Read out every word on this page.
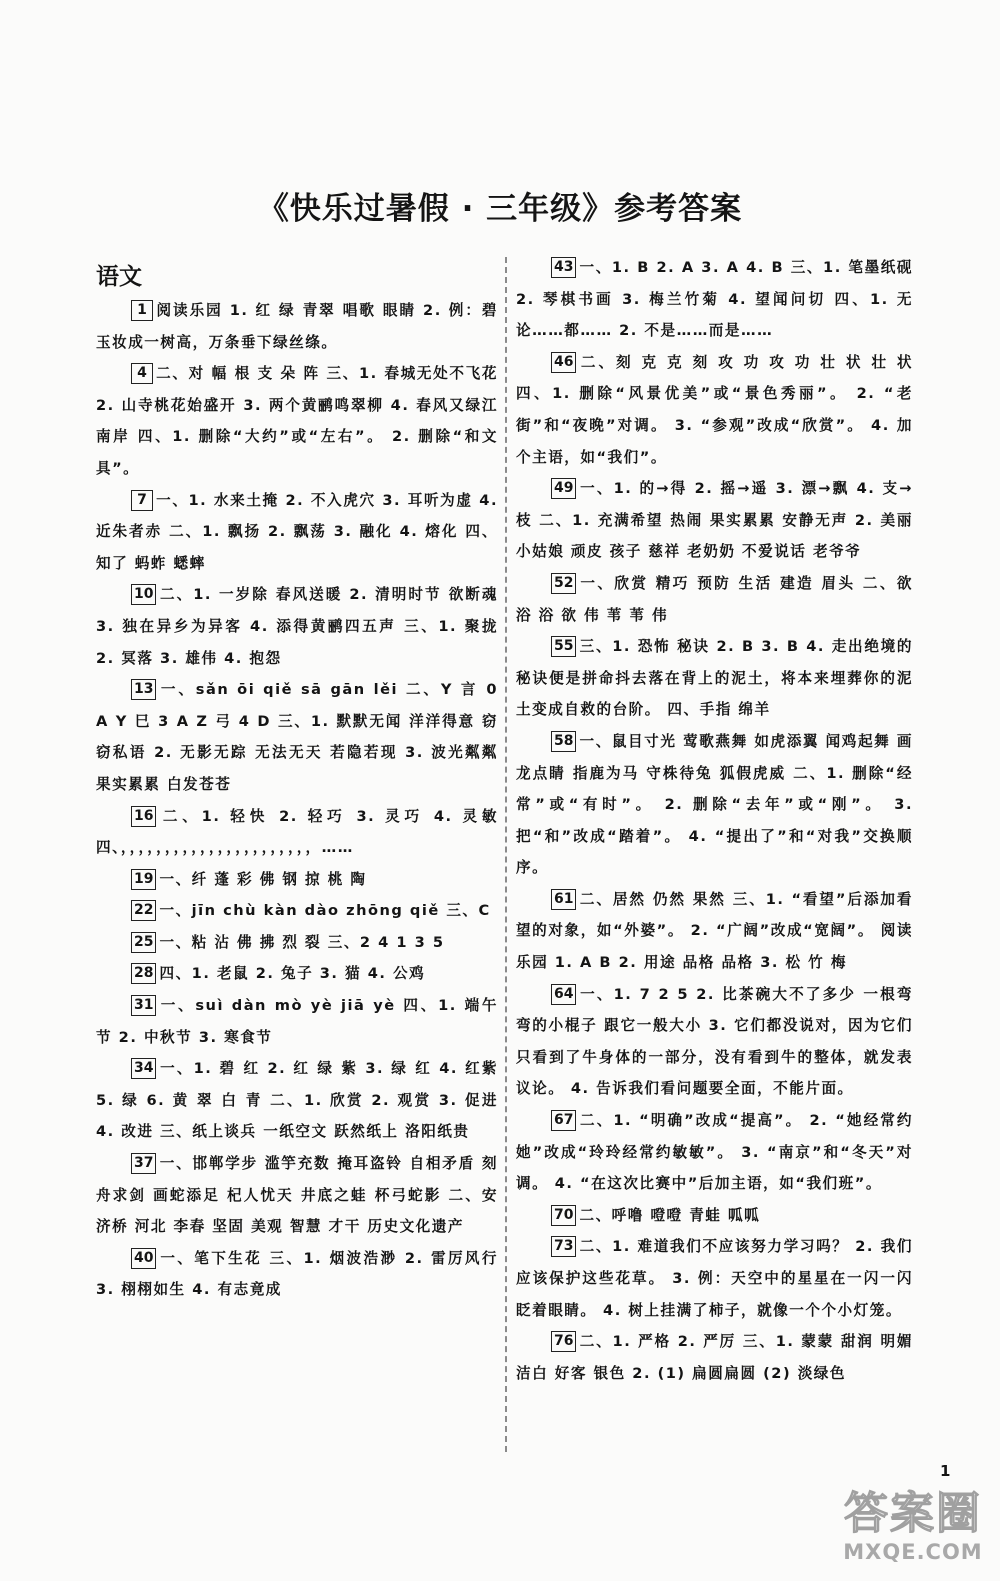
《快乐过暑假 · 三年级》参考答案
语文

1 阅读乐园 1. 红 绿 青翠 唱歌 眼睛 2. 例：碧玉妆成一树高，万条垂下绿丝绦。

4 二、对 幅 根 支 朵 阵 三、1. 春城无处不飞花 2. 山寺桃花始盛开 3. 两个黄鹂鸣翠柳 4. 春风又绿江南岸 四、1. 删除“大约”或“左右”。 2. 删除“和文具”。

7 一、1. 水来土掩 2. 不入虎穴 3. 耳听为虚 4. 近朱者赤 二、1. 飘扬 2. 飘荡 3. 融化 4. 熔化 四、知了 蚂蚱 蟋蟀

10 二、1. 一岁除 春风送暖 2. 清明时节 欲断魂 3. 独在异乡为异客 4. 添得黄鹂四五声 三、1. 聚拢 2. 冥落 3. 雄伟 4. 抱怨

13 一、sǎn ōi qiě sā gān lěi 二、Y 言 0 A Y 巳 3 A Z 弓 4 D 三、1. 默默无闻 洋洋得意 窃窃私语 2. 无影无踪 无法无天 若隐若现 3. 波光粼粼 果实累累 白发苍苍

16 二、1. 轻快 2. 轻巧 3. 灵巧 4. 灵敏 四、，，，，，，，，，，，，，，，，，，，，，，……

19 一、纤 蓬 彩 佛 钢 掠 桃 陶

22 一、jīn chù kàn dào zhōng qiě 三、C

25 一、粘 沾 佛 拂 烈 裂 三、2 4 1 3 5

28 四、1. 老鼠 2. 兔子 3. 猫 4. 公鸡

31 一、suì dàn mò yè jiā yè 四、1. 端午节 2. 中秋节 3. 寒食节

34 一、1. 碧 红 2. 红 绿 紫 3. 绿 红 4. 红紫 5. 绿 6. 黄 翠 白 青 二、1. 欣赏 2. 观赏 3. 促进 4. 改进 三、纸上谈兵 一纸空文 跃然纸上 洛阳纸贵

37 一、邯郸学步 滥竽充数 掩耳盗铃 自相矛盾 刻舟求剑 画蛇添足 杞人忧天 井底之蛙 杯弓蛇影 二、安济桥 河北 李春 坚固 美观 智慧 才干 历史文化遗产

40 一、笔下生花 三、1. 烟波浩渺 2. 雷厉风行 3. 栩栩如生 4. 有志竟成

43 一、1. B 2. A 3. A 4. B 三、1. 笔墨纸砚 2. 琴棋书画 3. 梅兰竹菊 4. 望闻问切 四、1. 无论……都…… 2. 不是……而是……

46 二、刻 克 克 刻 攻 功 攻 功 壮 状 壮 状 四、1. 删除“风景优美”或“景色秀丽”。 2. “老街”和“夜晚”对调。 3. “参观”改成“欣赏”。 4. 加个主语，如“我们”。

49 一、1. 的→得 2. 摇→遥 3. 漂→飘 4. 支→枝 二、1. 充满希望 热闹 果实累累 安静无声 2. 美丽 小姑娘 顽皮 孩子 慈祥 老奶奶 不爱说话 老爷爷

52 一、欣赏 精巧 预防 生活 建造 眉头 二、欲 浴 浴 欲 伟 苇 苇 伟

55 三、1. 恐怖 秘诀 2. B 3. B 4. 走出绝境的秘诀便是拼命抖去落在背上的泥土，将本来埋葬你的泥土变成自救的台阶。 四、手指 绵羊

58 一、鼠目寸光 莺歌燕舞 如虎添翼 闻鸡起舞 画龙点睛 指鹿为马 守株待兔 狐假虎威 二、1. 删除“经常”或“有时”。 2. 删除“去年”或“刚”。 3. 把“和”改成“踏着”。 4. “提出了”和“对我”交换顺序。

61 二、居然 仍然 果然 三、1. “看望”后添加看望的对象，如“外婆”。 2. “广阔”改成“宽阔”。 阅读乐园 1. A B 2. 用途 品格 品格 3. 松 竹 梅

64 一、1. 7 2 5 2. 比茶碗大不了多少 一根弯弯的小棍子 跟它一般大小 3. 它们都没说对，因为它们只看到了牛身体的一部分，没有看到牛的整体，就发表议论。 4. 告诉我们看问题要全面，不能片面。

67 二、1. “明确”改成“提高”。 2. “她经常约她”改成“玲玲经常约敏敏”。 3. “南京”和“冬天”对调。 4. “在这次比赛中”后加主语，如“我们班”。

70 二、呼噜 噔噔 青蛙 呱呱

73 二、1. 难道我们不应该努力学习吗？ 2. 我们应该保护这些花草。 3. 例：天空中的星星在一闪一闪眨着眼睛。 4. 树上挂满了柿子，就像一个个小灯笼。

76 二、1. 严格 2. 严厉 三、1. 蒙蒙 甜润 明媚 洁白 好客 银色 2. (1) 扁圆扁圆 (2) 淡绿色

1
答案圈
MXQE.COM
